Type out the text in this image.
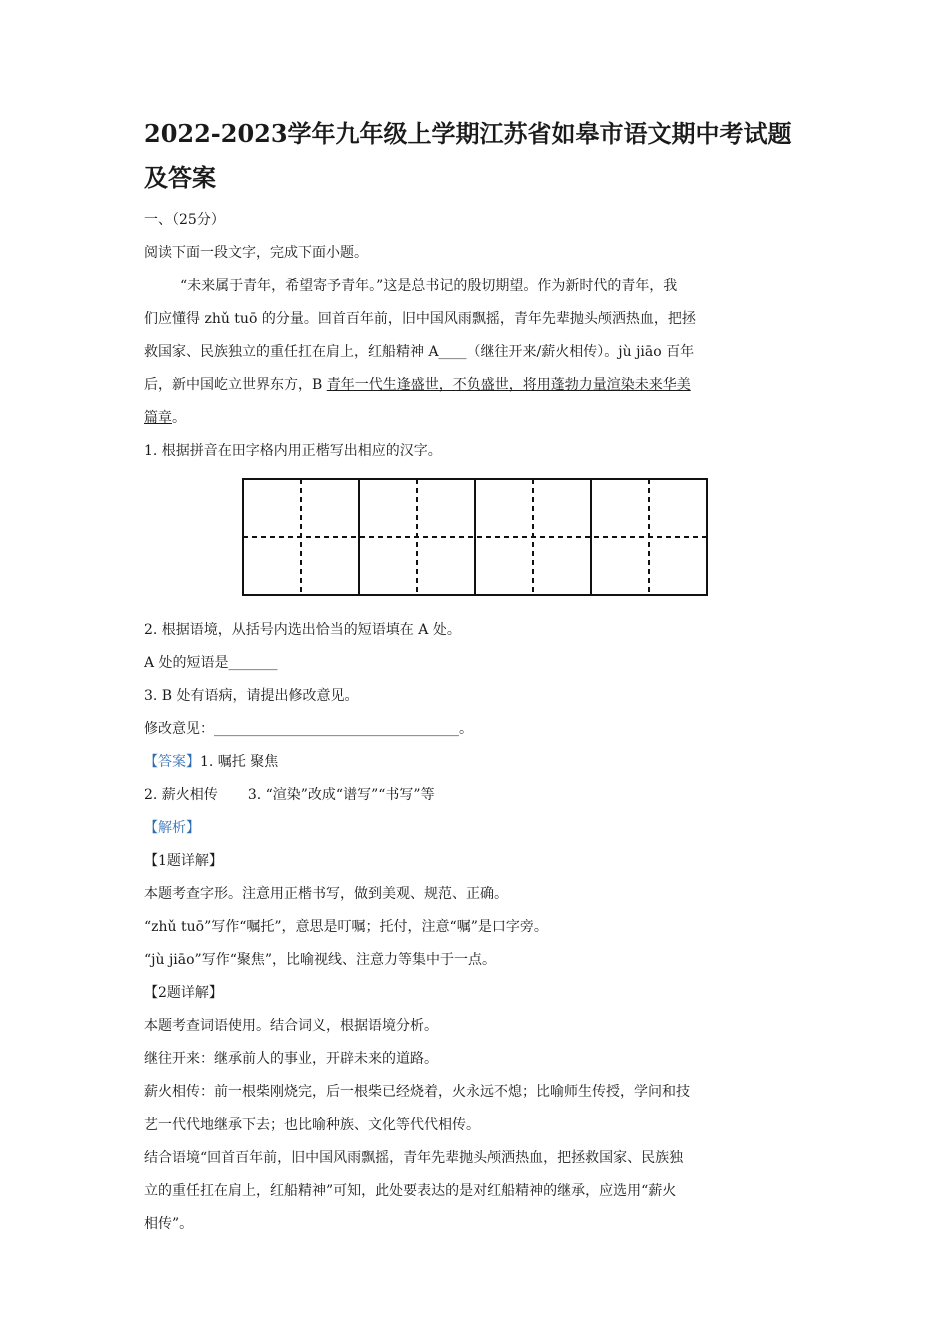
2022-2023学年九年级上学期江苏省如皋市语文期中考试题
及答案
一、（25分）
阅读下面一段文字，完成下面小题。
“未来属于青年，希望寄予青年。”这是总书记的殷切期望。作为新时代的青年，我
们应懂得 zhǔ tuō 的分量。回首百年前，旧中国风雨飘摇，青年先辈抛头颅洒热血，把拯
救国家、民族独立的重任扛在肩上，红船精神 A____（继往开来/薪火相传）。jù jiāo 百年
后，新中国屹立世界东方，B 青年一代生逢盛世，不负盛世，将用蓬勃力量渲染未来华美
篇章。
1. 根据拼音在田字格内用正楷写出相应的汉字。
2. 根据语境，从括号内选出恰当的短语填在 A 处。
A 处的短语是_______
3. B 处有语病，请提出修改意见。
修改意见：___________________________________。
【答案】1. 嘱托 聚焦
2. 薪火相传 3. “渲染”改成“谱写”“书写”等
【解析】
【1题详解】
本题考查字形。注意用正楷书写，做到美观、规范、正确。
“zhǔ tuō”写作“嘱托”，意思是叮嘱；托付，注意“嘱”是口字旁。
“jù jiāo”写作“聚焦”，比喻视线、注意力等集中于一点。
【2题详解】
本题考查词语使用。结合词义，根据语境分析。
继往开来：继承前人的事业，开辟未来的道路。
薪火相传：前一根柴刚烧完，后一根柴已经烧着，火永远不熄；比喻师生传授，学问和技
艺一代代地继承下去；也比喻种族、文化等代代相传。
结合语境“回首百年前，旧中国风雨飘摇，青年先辈抛头颅洒热血，把拯救国家、民族独
立的重任扛在肩上，红船精神”可知，此处要表达的是对红船精神的继承，应选用“薪火
相传”。
